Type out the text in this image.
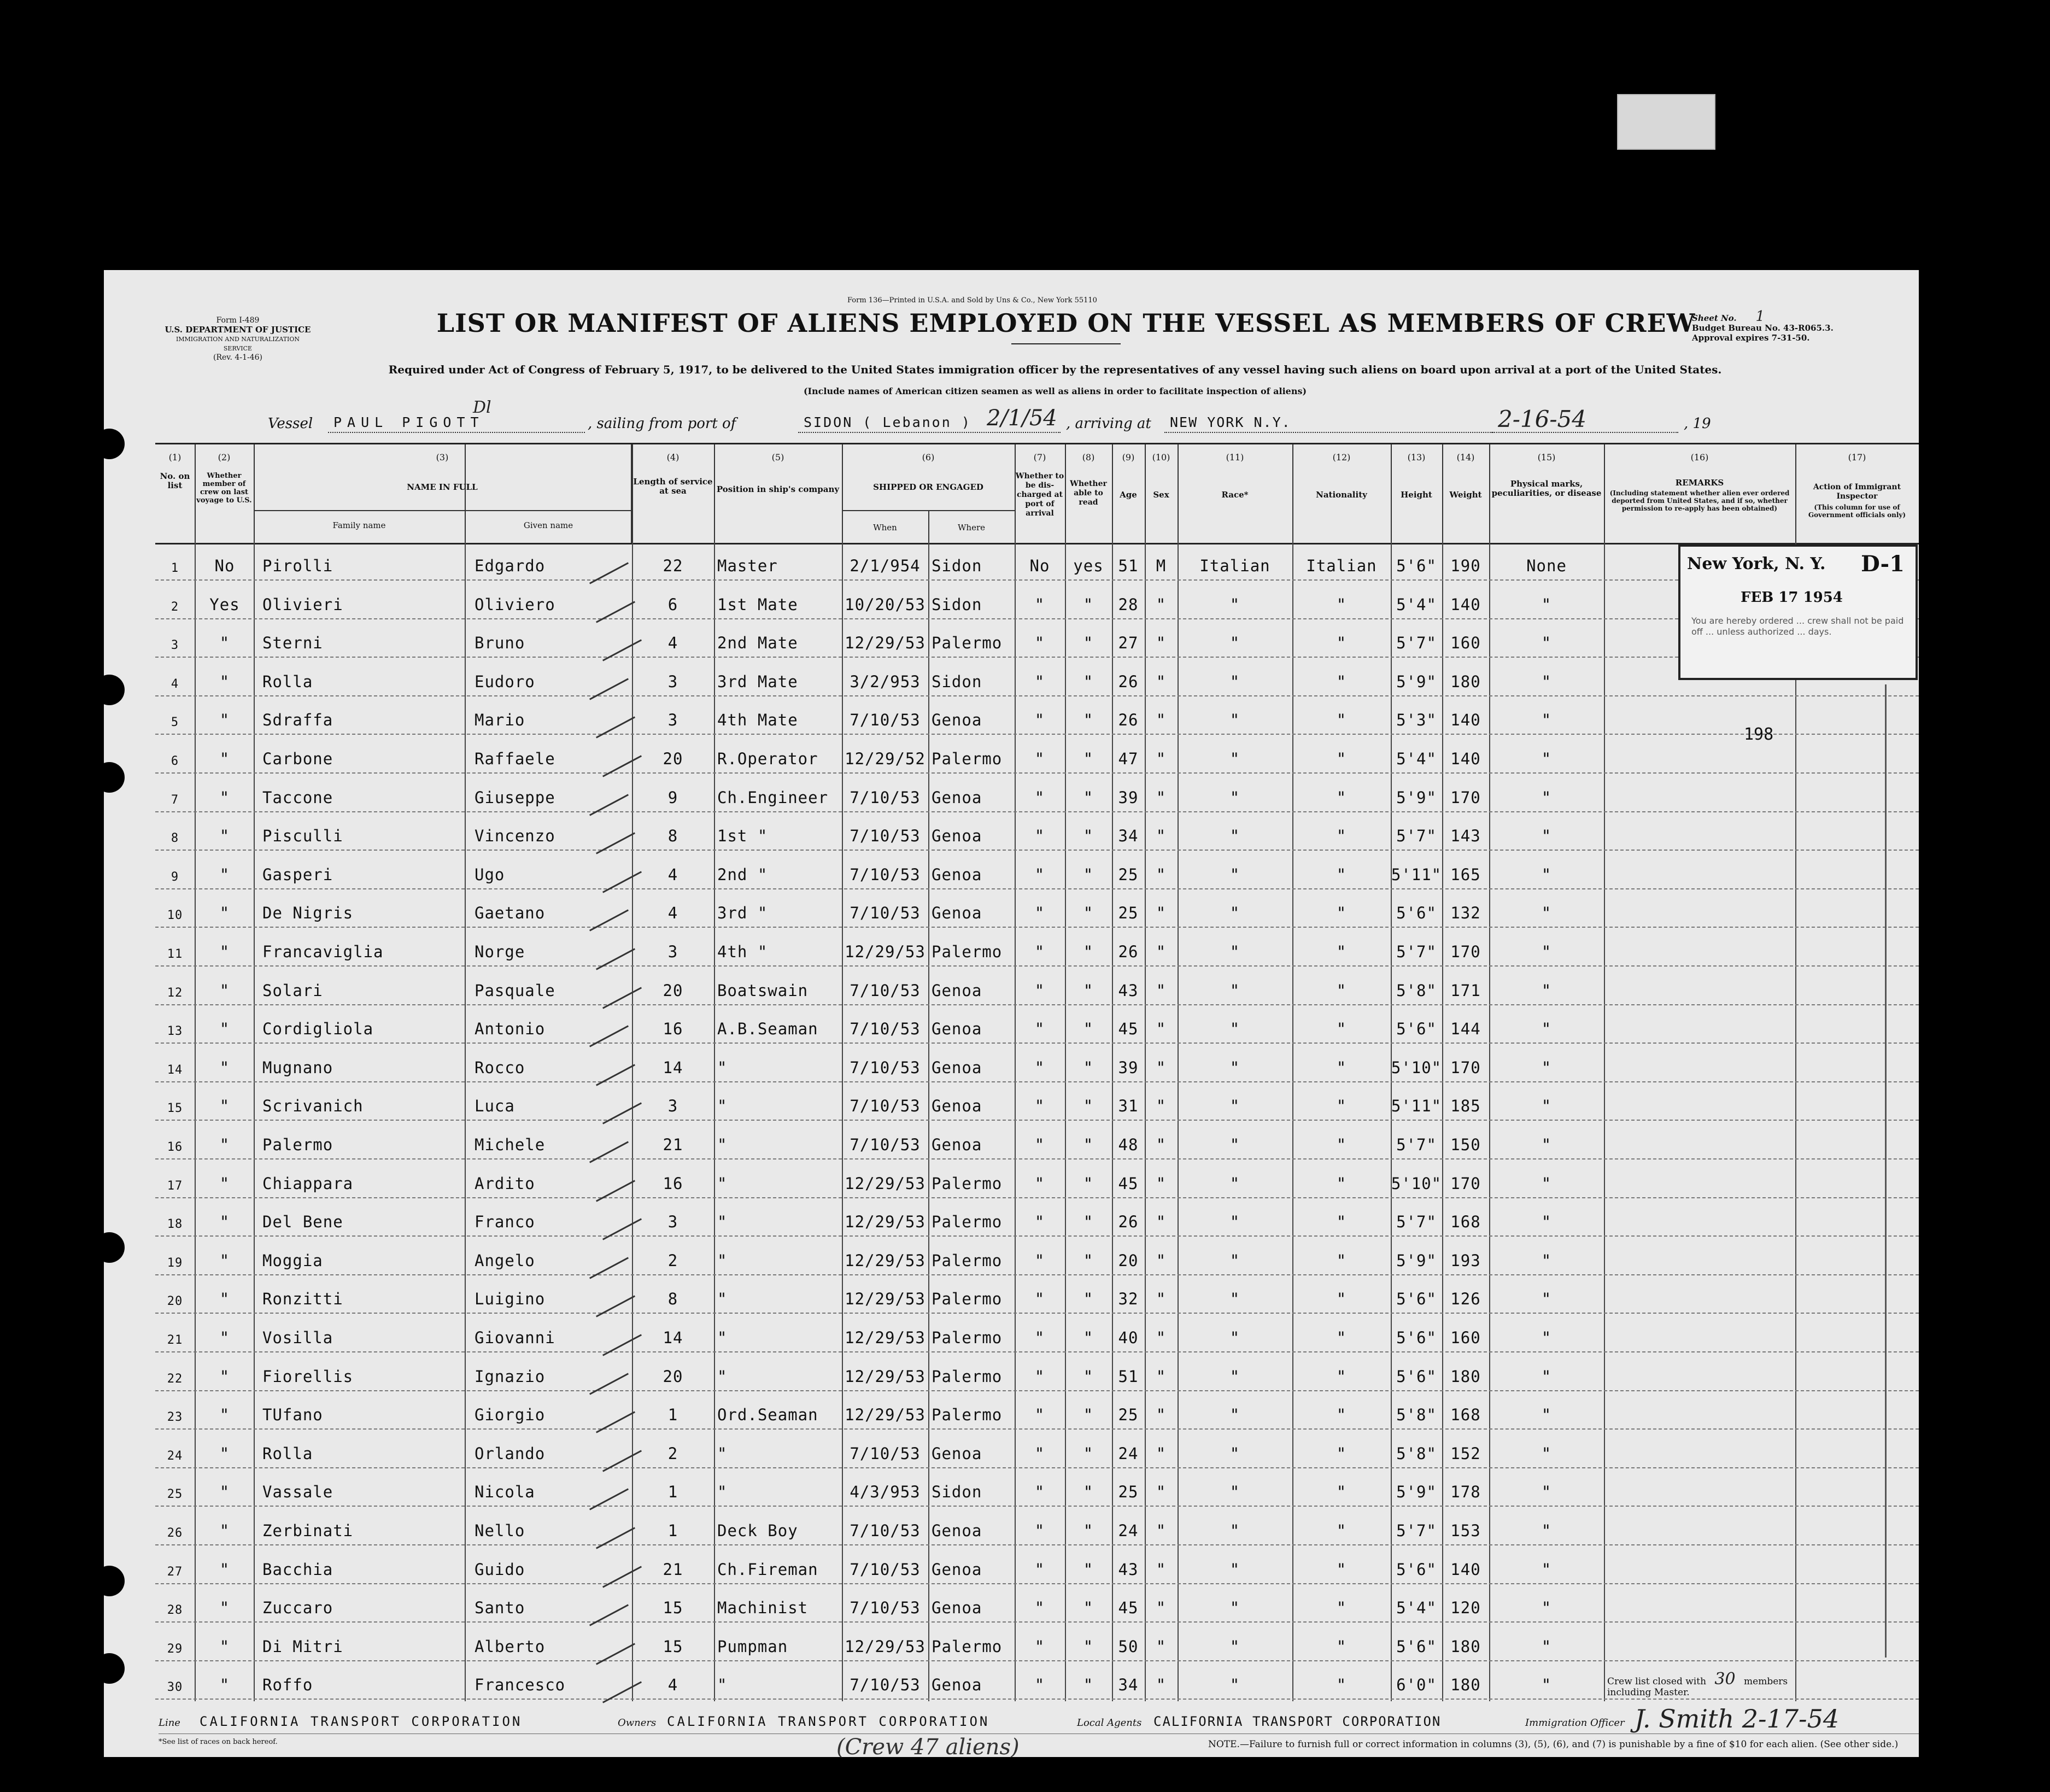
Form 136—Printed in U.S.A. and Sold by Uns & Co., New York 55110
Form I-489
U.S. DEPARTMENT OF JUSTICE
IMMIGRATION AND NATURALIZATION SERVICE
(Rev. 4-1-46)
LIST OR MANIFEST OF ALIENS EMPLOYED ON THE VESSEL AS MEMBERS OF CREW
Sheet No. 1
Budget Bureau No. 43-R065.3.
Approval expires 7-31-50.
Required under Act of Congress of February 5, 1917, to be delivered to the United States immigration officer by the representatives of any vessel having such aliens on board upon arrival at a port of the United States.
(Include names of American citizen seamen as well as aliens in order to facilitate inspection of aliens)
Dl
Vessel PAUL PIGOTT	, sailing from port of	SIDON ( Lebanon ) 2/1/54 , arriving at NEW YORK N.Y.	2-16-54	, 19
(1)	(2)	(3)	(4)	(5)	(6)	(7)	(8)	(9)	(10)	(11)	(12)	(13)	(14)	(15)	(16)	(17)
No. on list
Whether member of crew on last voyage to U.S.
NAME IN FULL
Family name	Given name
Length of service at sea	Position in ship's company	SHIPPED OR ENGAGED
When	Where
Whether to be dis-charged at port of arrival
Whether able to read
Age	Sex	Race*	Nationality	Height	Weight
Physical marks, peculiarities, or disease
REMARKS
(Including statement whether alien ever ordered deported from United States, and if so, whether permission to re-apply has been obtained)
Action of Immigrant Inspector
(This column for use of Government officials only)
1	No	Pirolli	Edgardo	22	Master	2/1/954 Sidon	No	yes 51	M	Italian	Italian	5'6" 190	None
2	Yes	Olivieri	Oliviero	6	1st Mate	10/20/53 Sidon	"	"	28	"	"	"	5'4" 140	"
3	"	Sterni	Bruno	4	2nd Mate	12/29/53 Palermo	"	"	27	"	"	"	5'7" 160	"
4	"	Rolla	Eudoro	3	3rd Mate	3/2/953 Sidon	"	"	26	"	"	"	5'9" 180	"
5	"	Sdraffa	Mario	3	4th Mate	7/10/53 Genoa	"	"	26	"	"	"	5'3" 140	"
6	"	Carbone	Raffaele	20	R.Operator 12/29/52 Palermo	"	"	47	"	"	"	5'4" 140	"
7	"	Taccone	Giuseppe	9	Ch.Engineer	7/10/53 Genoa	"	"	39	"	"	"	5'9" 170	"
8	"	Pisculli	Vincenzo	8	1st "	7/10/53 Genoa	"	"	34	"	"	"	5'7" 143	"
9	"	Gasperi	Ugo	4	2nd "	7/10/53 Genoa	"	"	25	"	"	"	5'11" 165	"
10	"	De Nigris	Gaetano	4	3rd "	7/10/53 Genoa	"	"	25	"	"	"	5'6" 132	"
11	"	Francaviglia	Norge	3	4th "	12/29/53 Palermo	"	"	26	"	"	"	5'7" 170	"
12	"	Solari	Pasquale	20	Boatswain	7/10/53 Genoa	"	"	43	"	"	"	5'8" 171	"
13	"	Cordigliola	Antonio	16	A.B.Seaman	7/10/53 Genoa	"	"	45	"	"	"	5'6" 144	"
14	"	Mugnano	Rocco	14	"	7/10/53 Genoa	"	"	39	"	"	"	5'10" 170	"
15	"	Scrivanich	Luca	3	"	7/10/53 Genoa	"	"	31	"	"	"	5'11" 185	"
16	"	Palermo	Michele	21	"	7/10/53 Genoa	"	"	48	"	"	"	5'7" 150	"
17	"	Chiappara	Ardito	16	"	12/29/53 Palermo	"	"	45	"	"	"	5'10" 170	"
18	"	Del Bene	Franco	3	"	12/29/53 Palermo	"	"	26	"	"	"	5'7" 168	"
19	"	Moggia	Angelo	2	"	12/29/53 Palermo	"	"	20	"	"	"	5'9" 193	"
20	"	Ronzitti	Luigino	8	"	12/29/53 Palermo	"	"	32	"	"	"	5'6" 126	"
21	"	Vosilla	Giovanni	14	"	12/29/53 Palermo	"	"	40	"	"	"	5'6" 160	"
22	"	Fiorellis	Ignazio	20	"	12/29/53 Palermo	"	"	51	"	"	"	5'6" 180	"
23	"	TUfano	Giorgio	1	Ord.Seaman 12/29/53 Palermo	"	"	25	"	"	"	5'8" 168	"
24	"	Rolla	Orlando	2	"	7/10/53 Genoa	"	"	24	"	"	"	5'8" 152	"
25	"	Vassale	Nicola	1	"	4/3/953 Sidon	"	"	25	"	"	"	5'9" 178	"
26	"	Zerbinati	Nello	1	Deck Boy	7/10/53 Genoa	"	"	24	"	"	"	5'7" 153	"
27	"	Bacchia	Guido	21	Ch.Fireman	7/10/53 Genoa	"	"	43	"	"	"	5'6" 140	"
28	"	Zuccaro	Santo	15	Machinist	7/10/53 Genoa	"	"	45	"	"	"	5'4" 120	"
29	"	Di Mitri	Alberto	15	Pumpman	12/29/53 Palermo	"	"	50	"	"	"	5'6" 180	"
30	"	Roffo	Francesco	4	"	7/10/53 Genoa	"	"	34	"	"	"	6'0" 180	"
New York, N. Y. D-1
FEB 17 1954
You are hereby ordered ... crew shall not be paid off ... unless authorized ... days.
198
Crew list closed with 30 members
including Master.
Line CALIFORNIA TRANSPORT CORPORATION	Owners CALIFORNIA TRANSPORT CORPORATION	Local Agents CALIFORNIA TRANSPORT CORPORATION	Immigration Officer J. Smith 2-17-54
*See list of races on back hereof.	(Crew 47 aliens)	NOTE.—Failure to furnish full or correct information in columns (3), (5), (6), and (7) is punishable by a fine of $10 for each alien. (See other side.)
